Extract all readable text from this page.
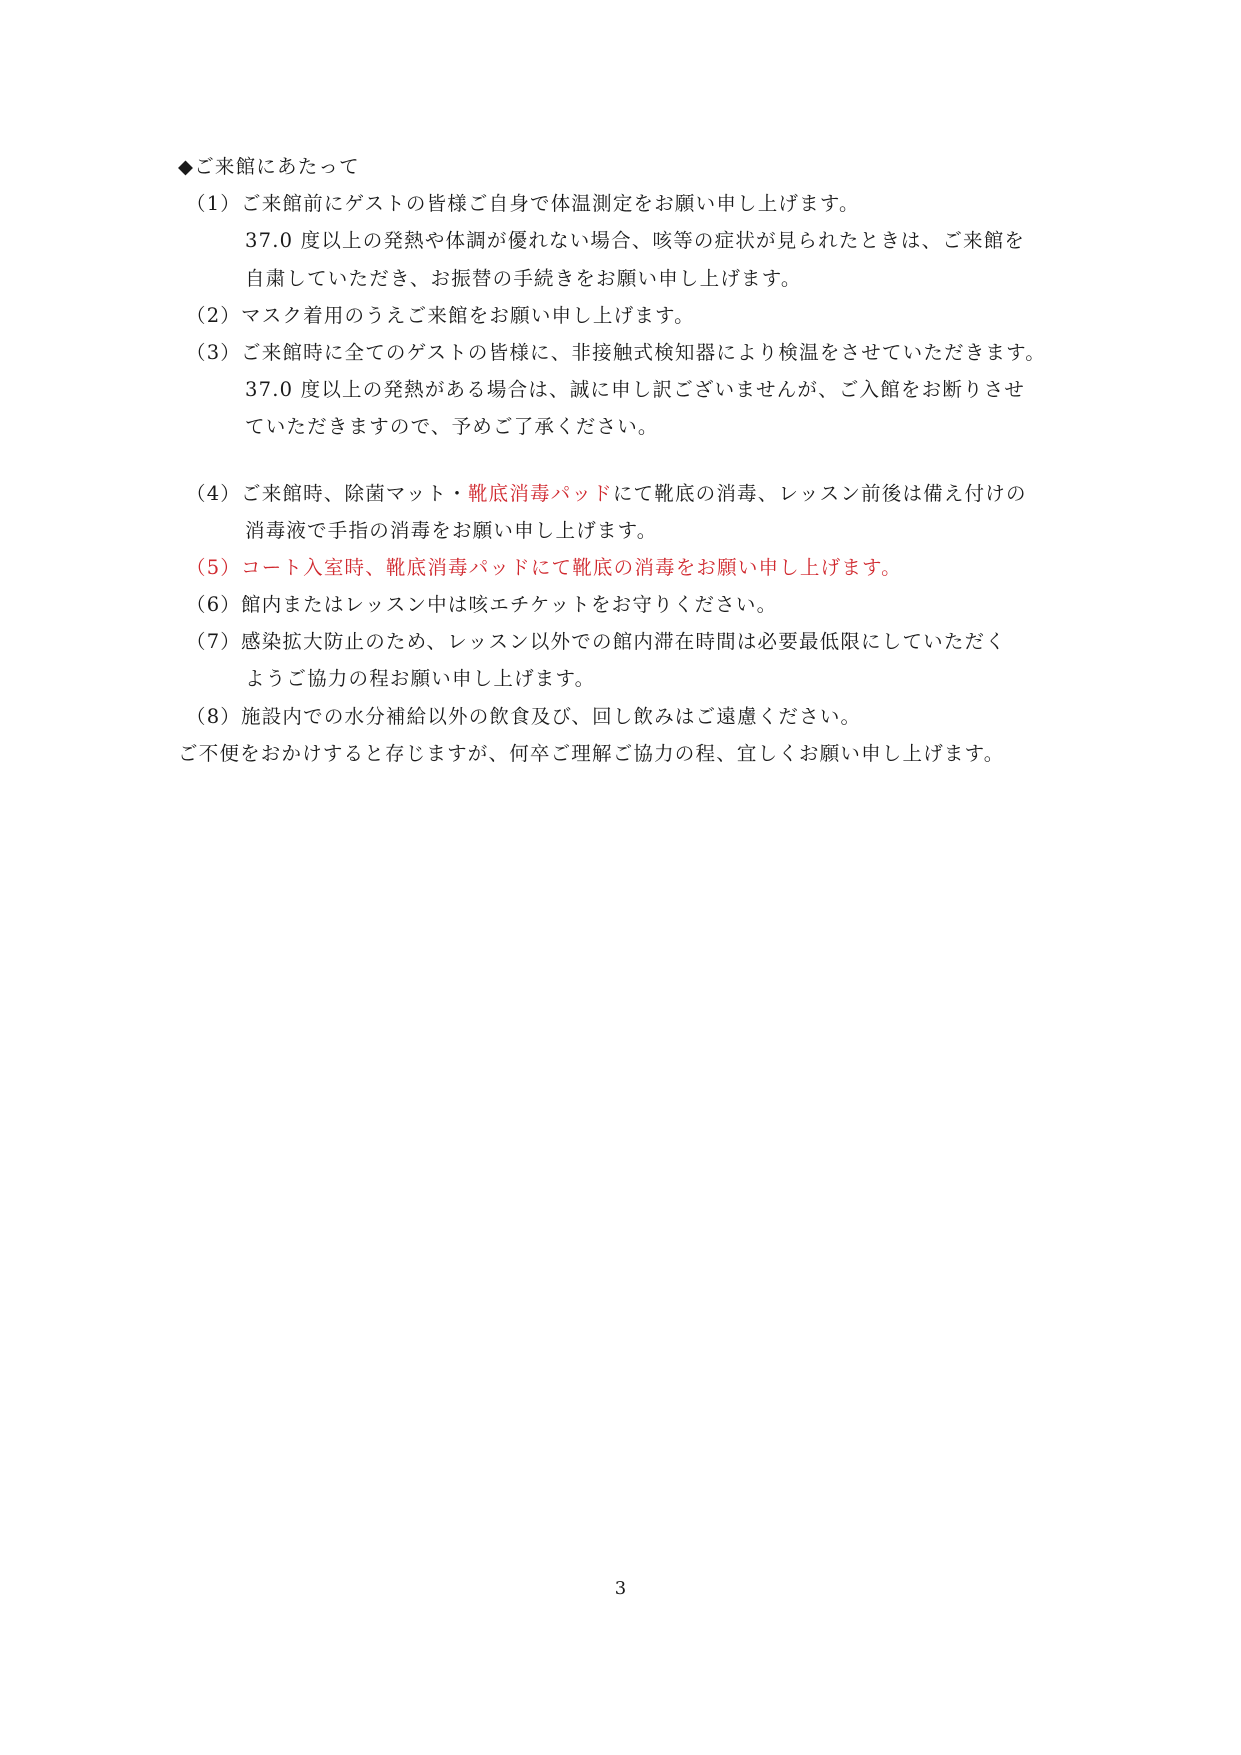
◆ご来館にあたって
（1）ご来館前にゲストの皆様ご自身で体温測定をお願い申し上げます。
37.0 度以上の発熱や体調が優れない場合、咳等の症状が見られたときは、ご来館を
自粛していただき、お振替の手続きをお願い申し上げます。
（2）マスク着用のうえご来館をお願い申し上げます。
（3）ご来館時に全てのゲストの皆様に、非接触式検知器により検温をさせていただきます。
37.0 度以上の発熱がある場合は、誠に申し訳ございませんが、ご入館をお断りさせ
ていただきますので、予めご了承ください。
（4）ご来館時、除菌マット・靴底消毒パッドにて靴底の消毒、レッスン前後は備え付けの
消毒液で手指の消毒をお願い申し上げます。
（5）コート入室時、靴底消毒パッドにて靴底の消毒をお願い申し上げます。
（6）館内またはレッスン中は咳エチケットをお守りください。
（7）感染拡大防止のため、レッスン以外での館内滞在時間は必要最低限にしていただく
ようご協力の程お願い申し上げます。
（8）施設内での水分補給以外の飲食及び、回し飲みはご遠慮ください。
ご不便をおかけすると存じますが、何卒ご理解ご協力の程、宜しくお願い申し上げます。
3
